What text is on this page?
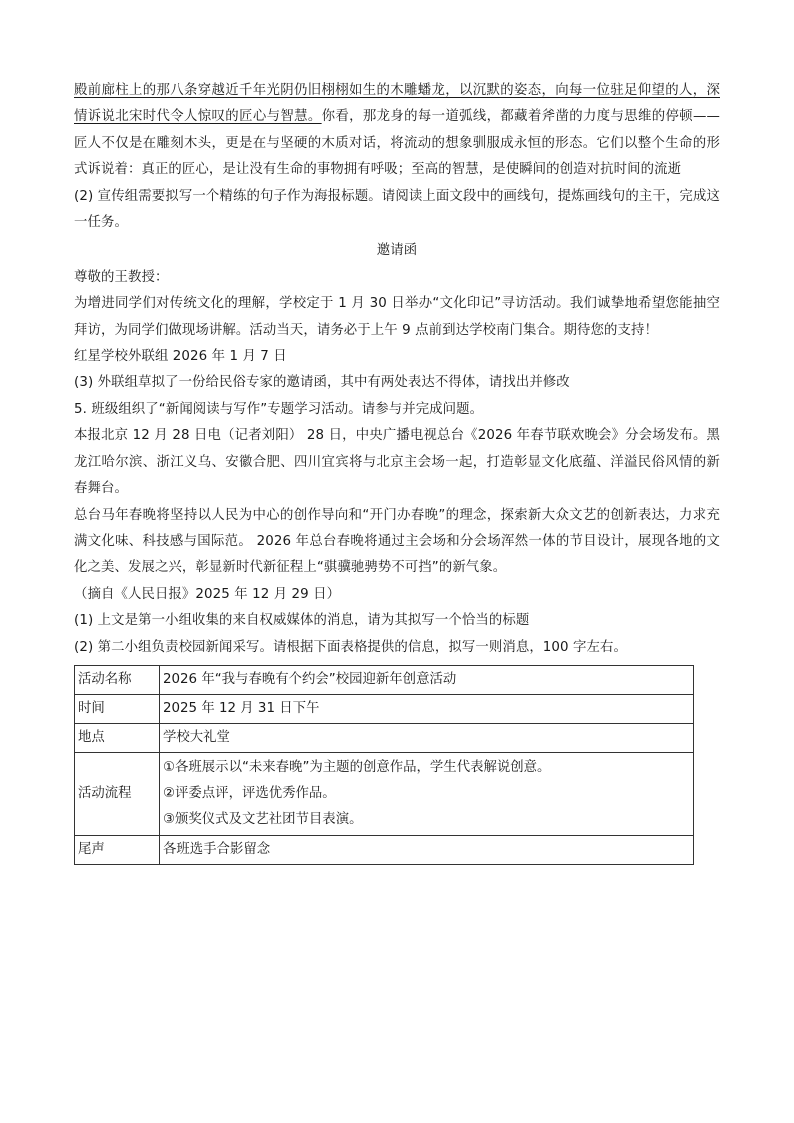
殿前廊柱上的那八条穿越近千年光阴仍旧栩栩如生的木雕蟠龙，以沉默的姿态，向每一位驻足仰望的人，深情诉说北宋时代令人惊叹的匠心与智慧。你看，那龙身的每一道弧线，都藏着斧凿的力度与思维的停顿——匠人不仅是在雕刻木头，更是在与坚硬的木质对话，将流动的想象驯服成永恒的形态。它们以整个生命的形式诉说着：真正的匠心，是让没有生命的事物拥有呼吸；至高的智慧，是使瞬间的创造对抗时间的流逝

(2) 宣传组需要拟写一个精练的句子作为海报标题。请阅读上面文段中的画线句，提炼画线句的主干，完成这一任务。

邀请函

尊敬的王教授：

为增进同学们对传统文化的理解，学校定于 1 月 30 日举办“文化印记”寻访活动。我们诚挚地希望您能抽空拜访，为同学们做现场讲解。活动当天，请务必于上午 9 点前到达学校南门集合。期待您的支持！

红星学校外联组 2026 年 1 月 7 日

(3) 外联组草拟了一份给民俗专家的邀请函，其中有两处表达不得体，请找出并修改

5. 班级组织了“新闻阅读与写作”专题学习活动。请参与并完成问题。

本报北京 12 月 28 日电（记者刘阳） 28 日，中央广播电视总台《2026 年春节联欢晚会》分会场发布。黑龙江哈尔滨、浙江义乌、安徽合肥、四川宜宾将与北京主会场一起，打造彰显文化底蕴、洋溢民俗风情的新春舞台。

总台马年春晚将坚持以人民为中心的创作导向和“开门办春晚”的理念，探索新大众文艺的创新表达，力求充满文化味、科技感与国际范。 2026 年总台春晚将通过主会场和分会场浑然一体的节目设计，展现各地的文化之美、发展之兴，彰显新时代新征程上“骐骥驰骋势不可挡”的新气象。

（摘自《人民日报》2025 年 12 月 29 日）

(1) 上文是第一小组收集的来自权威媒体的消息，请为其拟写一个恰当的标题

(2) 第二小组负责校园新闻采写。请根据下面表格提供的信息，拟写一则消息，100 字左右。

活动名称	2026 年“我与春晚有个约会”校园迎新年创意活动
时间	2025 年 12 月 31 日下午
地点	学校大礼堂
活动流程	①各班展示以“未来春晚”为主题的创意作品，学生代表解说创意。
②评委点评，评选优秀作品。
③颁奖仪式及文艺社团节目表演。

尾声	各班选手合影留念
